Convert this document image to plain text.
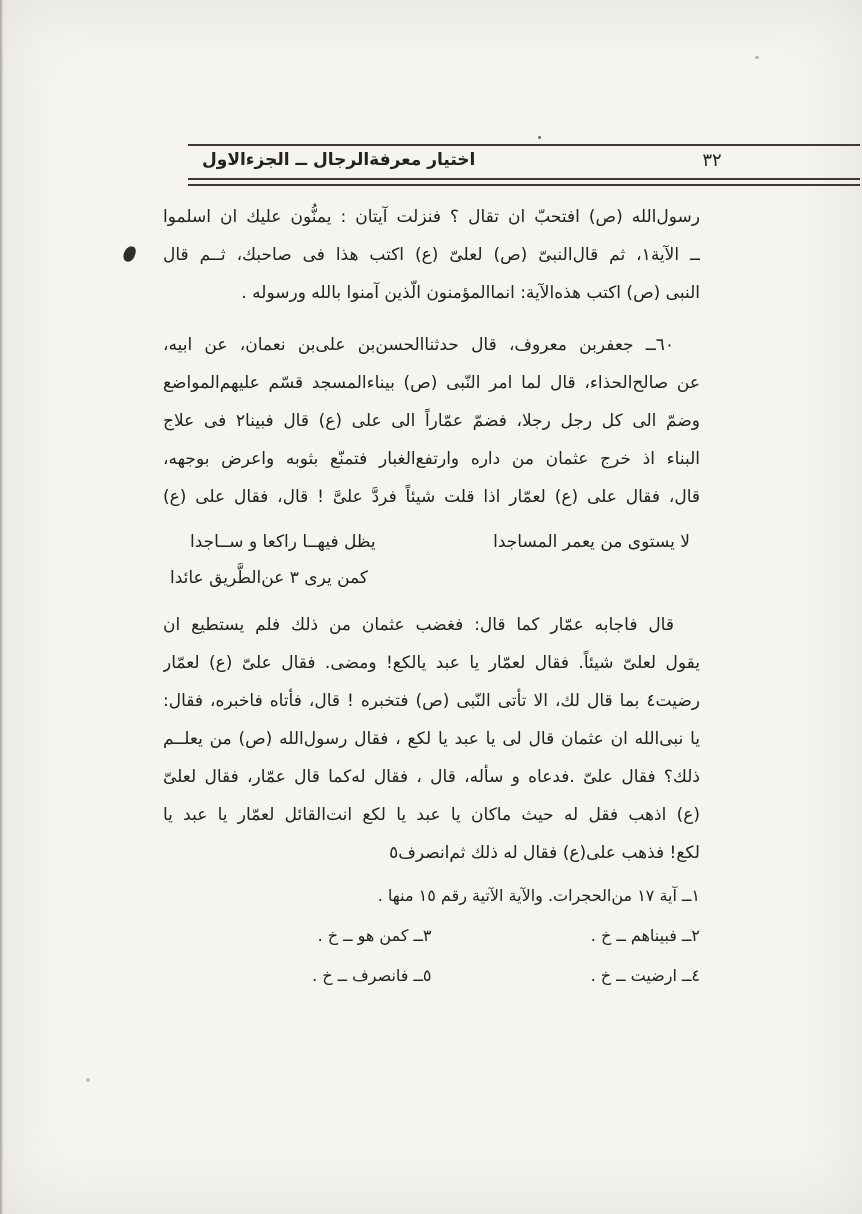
اختيار معرفة‌الرجال ــ الجزءالاول	٣٢
رسول‌الله (ص) افتحبّ ان تقال ؟ فنزلت آيتان : يمنُّون عليك ان اسلموا
ــ الآية١، ثم قال‌النبىّ (ص) لعلىّ (ع) اكتب هذا فى صاحبك، ثــم قال
النبى (ص) اكتب هذه‌الآية: انماالمؤمنون الّذين آمنوا بالله ورسوله .
٦٠ــ جعفربن معروف، قال حدثناالحسن‌بن على‌بن نعمان، عن ابيه،
عن صالح‌الحذاء، قال لما امر النّبى (ص) بيناءالمسجد قسّم عليهم‌المواضع
وضمّ الى كل رجل رجلا، فضمّ عمّاراً الى على (ع) قال فبينا٢ فى علاج
البناء اذ خرج عثمان من داره وارتفع‌الغبار فتمنّع بثوبه واعرض بوجهه،
قال، فقال على (ع) لعمّار اذا قلت شيئاً فردَّ علىَّ ! قال، فقال على (ع)
لا يستوى من يعمر المساجدا
يظل فيهــا راكعا و ســاجدا
كمن يرى ٣ عن‌الطَّريق عائدا
قال فاجابه عمّار كما قال: فغضب عثمان من ذلك فلم يستطيع ان
يقول لعلىّ شيئاً. فقال لعمّار يا عبد يالكع! ومضى. فقال علىّ (ع) لعمّار
رضيت٤ بما قال لك، الا تأتى النّبى (ص) فتخبره ! قال، فأتاه فاخبره، فقال:
يا نبى‌الله ان عثمان قال لى يا عبد يا لكع ، فقال رسول‌الله (ص) من يعلــم
ذلك؟ فقال علىّ .فدعاه و سأله، قال ، فقال له‌كما قال عمّار، فقال لعلىّ
(ع) اذهب فقل له حيث ماكان يا عبد يا لكع انت‌القائل لعمّار يا عبد يا
لكع! فذهب على(ع) فقال له ذلك ثم‌انصرف٥
١ــ آية ١٧ من‌الحجرات. والآية الآتية رقم ١٥ منها .
٢ــ فبيناهم ــ خ .
٣ــ كمن هو ــ خ .
٤ــ ارضيت ــ خ .
٥ــ فانصرف ــ خ .
